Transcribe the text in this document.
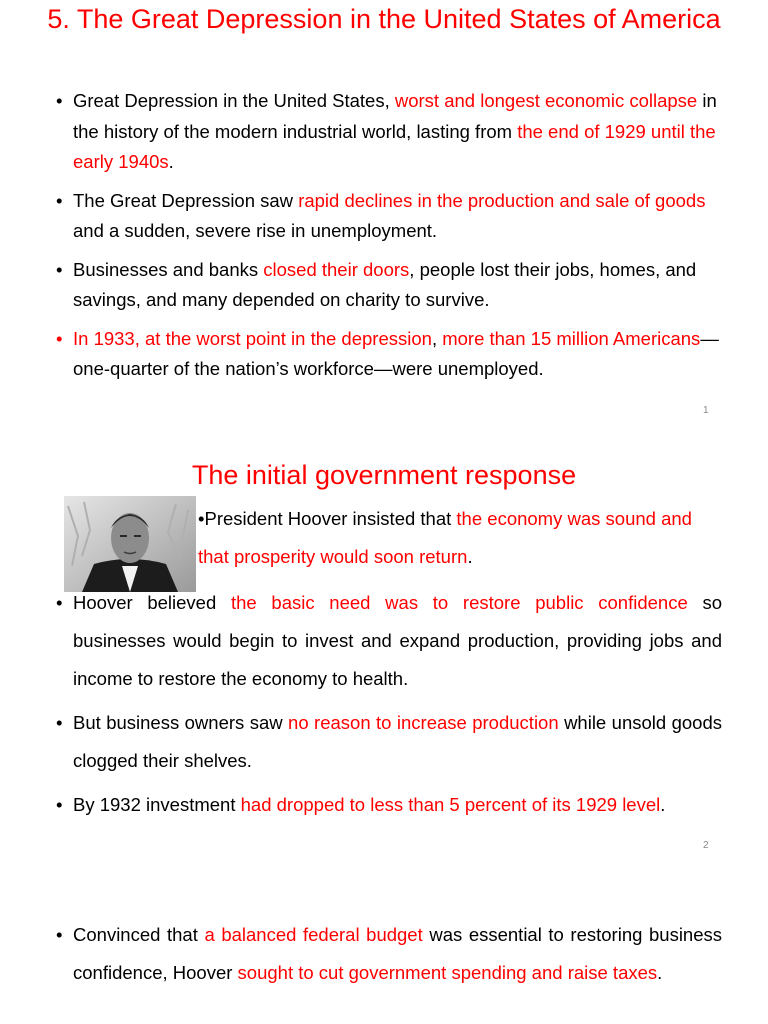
5. The Great Depression in the United States of America
• Great Depression in the United States, worst and longest economic collapse in the history of the modern industrial world, lasting from the end of 1929 until the early 1940s.
• The Great Depression saw rapid declines in the production and sale of goods and a sudden, severe rise in unemployment.
• Businesses and banks closed their doors, people lost their jobs, homes, and savings, and many depended on charity to survive.
• In 1933, at the worst point in the depression, more than 15 million Americans—one-quarter of the nation’s workforce—were unemployed.
1
The initial government response

•President Hoover insisted that the economy was sound and that prosperity would soon return.

• Hoover believed the basic need was to restore public confidence so businesses would begin to invest and expand production, providing jobs and income to restore the economy to health.
• But business owners saw no reason to increase production while unsold goods clogged their shelves.
• By 1932 investment had dropped to less than 5 percent of its 1929 level.
2
• Convinced that a balanced federal budget was essential to restoring business confidence, Hoover sought to cut government spending and raise taxes.
